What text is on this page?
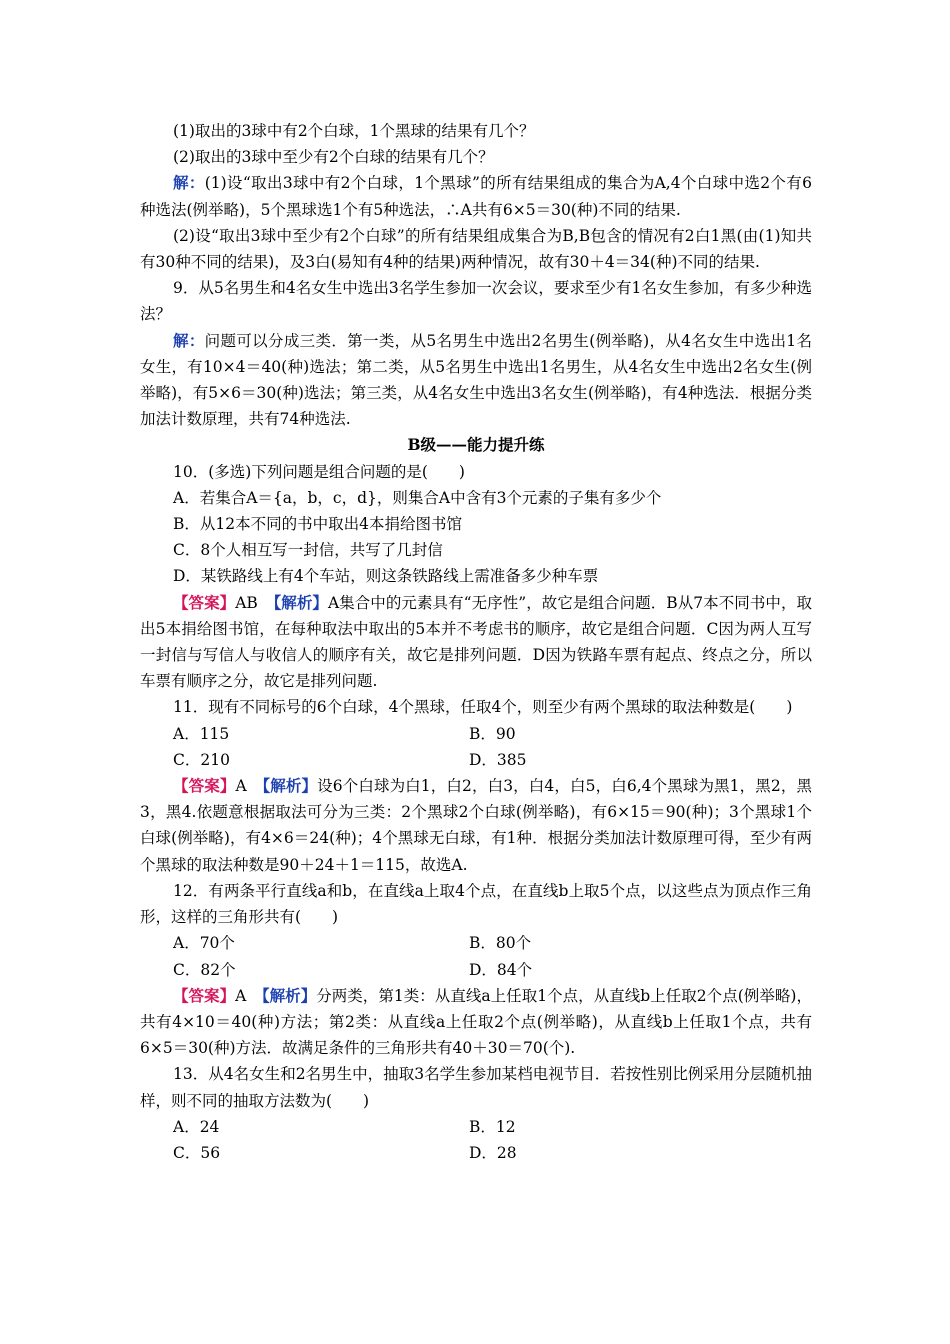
(1)取出的3球中有2个白球，1个黑球的结果有几个？

(2)取出的3球中至少有2个白球的结果有几个？

解：(1)设“取出3球中有2个白球，1个黑球”的所有结果组成的集合为A,4个白球中选2个有6种选法(例举略)，5个黑球选1个有5种选法，∴A共有6×5＝30(种)不同的结果.

(2)设“取出3球中至少有2个白球”的所有结果组成集合为B,B包含的情况有2白1黑(由(1)知共有30种不同的结果)，及3白(易知有4种的结果)两种情况，故有30＋4＝34(种)不同的结果.

9．从5名男生和4名女生中选出3名学生参加一次会议，要求至少有1名女生参加，有多少种选法？

解：问题可以分成三类．第一类，从5名男生中选出2名男生(例举略)，从4名女生中选出1名女生，有10×4＝40(种)选法；第二类，从5名男生中选出1名男生，从4名女生中选出2名女生(例举略)，有5×6＝30(种)选法；第三类，从4名女生中选出3名女生(例举略)，有4种选法．根据分类加法计数原理，共有74种选法.

B级——能力提升练

10．(多选)下列问题是组合问题的是(　　)

A．若集合A＝{a，b，c，d}，则集合A中含有3个元素的子集有多少个

B．从12本不同的书中取出4本捐给图书馆

C．8个人相互写一封信，共写了几封信

D．某铁路线上有4个车站，则这条铁路线上需准备多少种车票

【答案】AB　 【解析】A集合中的元素具有“无序性”，故它是组合问题．B从7本不同书中，取出5本捐给图书馆，在每种取法中取出的5本并不考虑书的顺序，故它是组合问题．C因为两人互写一封信与写信人与收信人的顺序有关，故它是排列问题．D因为铁路车票有起点、终点之分，所以车票有顺序之分，故它是排列问题.

11．现有不同标号的6个白球，4个黑球，任取4个，则至少有两个黑球的取法种数是(　　)

A．115	B．90
C．210	D．385

【答案】A　 【解析】设6个白球为白1，白2，白3，白4，白5，白6,4个黑球为黑1，黑2，黑3，黑4.依题意根据取法可分为三类：2个黑球2个白球(例举略)，有6×15＝90(种)；3个黑球1个白球(例举略)，有4×6＝24(种)；4个黑球无白球，有1种．根据分类加法计数原理可得，至少有两个黑球的取法种数是90＋24＋1＝115，故选A.

12．有两条平行直线a和b，在直线a上取4个点，在直线b上取5个点，以这些点为顶点作三角形，这样的三角形共有(　　)

A．70个	B．80个
C．82个	D．84个

【答案】A　 【解析】分两类，第1类：从直线a上任取1个点，从直线b上任取2个点(例举略)，共有4×10＝40(种)方法；第2类：从直线a上任取2个点(例举略)，从直线b上任取1个点，共有6×5＝30(种)方法．故满足条件的三角形共有40＋30＝70(个).

13．从4名女生和2名男生中，抽取3名学生参加某档电视节目．若按性别比例采用分层随机抽样，则不同的抽取方法数为(　　)

A．24	B．12
C．56	D．28
